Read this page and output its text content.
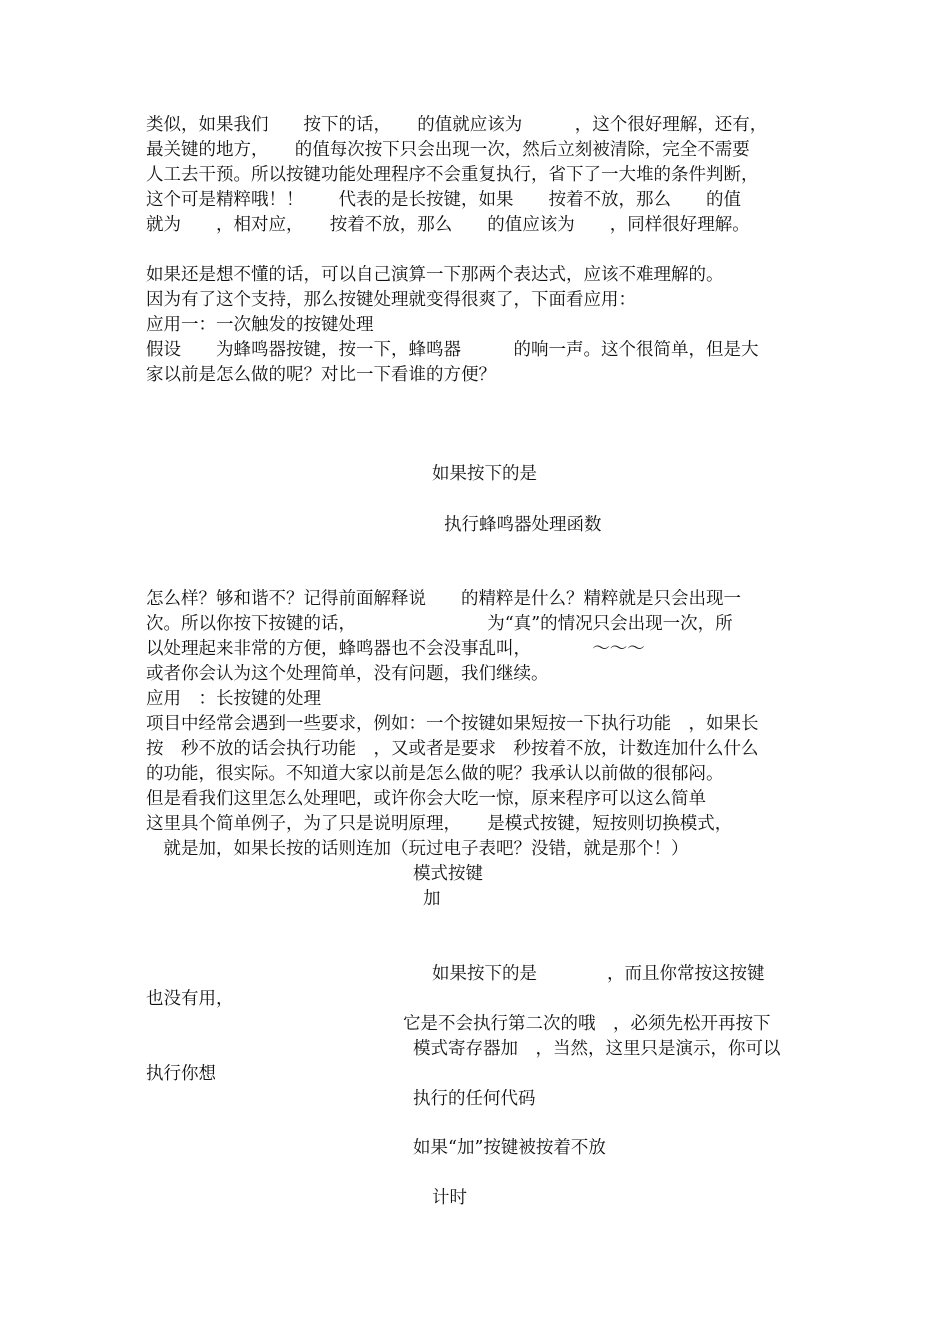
类似，如果我们　　按下的话，　　的值就应该为　　　，这个很好理解，还有，
最关键的地方，　　的值每次按下只会出现一次，然后立刻被清除，完全不需要
人工去干预。所以按键功能处理程序不会重复执行，省下了一大堆的条件判断，
这个可是精粹哦！！　　代表的是长按键，如果　　按着不放，那么　　的值
就为　　，相对应，　　按着不放，那么　　的值应该为　　，同样很好理解。
如果还是想不懂的话，可以自己演算一下那两个表达式，应该不难理解的。
因为有了这个支持，那么按键处理就变得很爽了，下面看应用：
应用一：一次触发的按键处理
假设　　为蜂鸣器按键，按一下，蜂鸣器　　　的响一声。这个很简单，但是大
家以前是怎么做的呢？对比一下看谁的方便？
如果按下的是
执行蜂鸣器处理函数
怎么样？够和谐不？记得前面解释说　　的精粹是什么？精粹就是只会出现一
次。所以你按下按键的话，　　　　　　　　为“真”的情况只会出现一次，所
以处理起来非常的方便，蜂鸣器也不会没事乱叫，　　　　～～～
或者你会认为这个处理简单，没有问题，我们继续。
应用　：长按键的处理
项目中经常会遇到一些要求，例如：一个按键如果短按一下执行功能　，如果长
按　秒不放的话会执行功能　，又或者是要求　秒按着不放，计数连加什么什么
的功能，很实际。不知道大家以前是怎么做的呢？我承认以前做的很郁闷。
但是看我们这里怎么处理吧，或许你会大吃一惊，原来程序可以这么简单
这里具个简单例子，为了只是说明原理，　　是模式按键，短按则切换模式，
　就是加，如果长按的话则连加（玩过电子表吧？没错，就是那个！）
模式按键
加
如果按下的是　　　　，而且你常按这按键
也没有用，
它是不会执行第二次的哦　，必须先松开再按下
模式寄存器加　，当然，这里只是演示，你可以
执行你想
执行的任何代码
如果“加”按键被按着不放
计时
